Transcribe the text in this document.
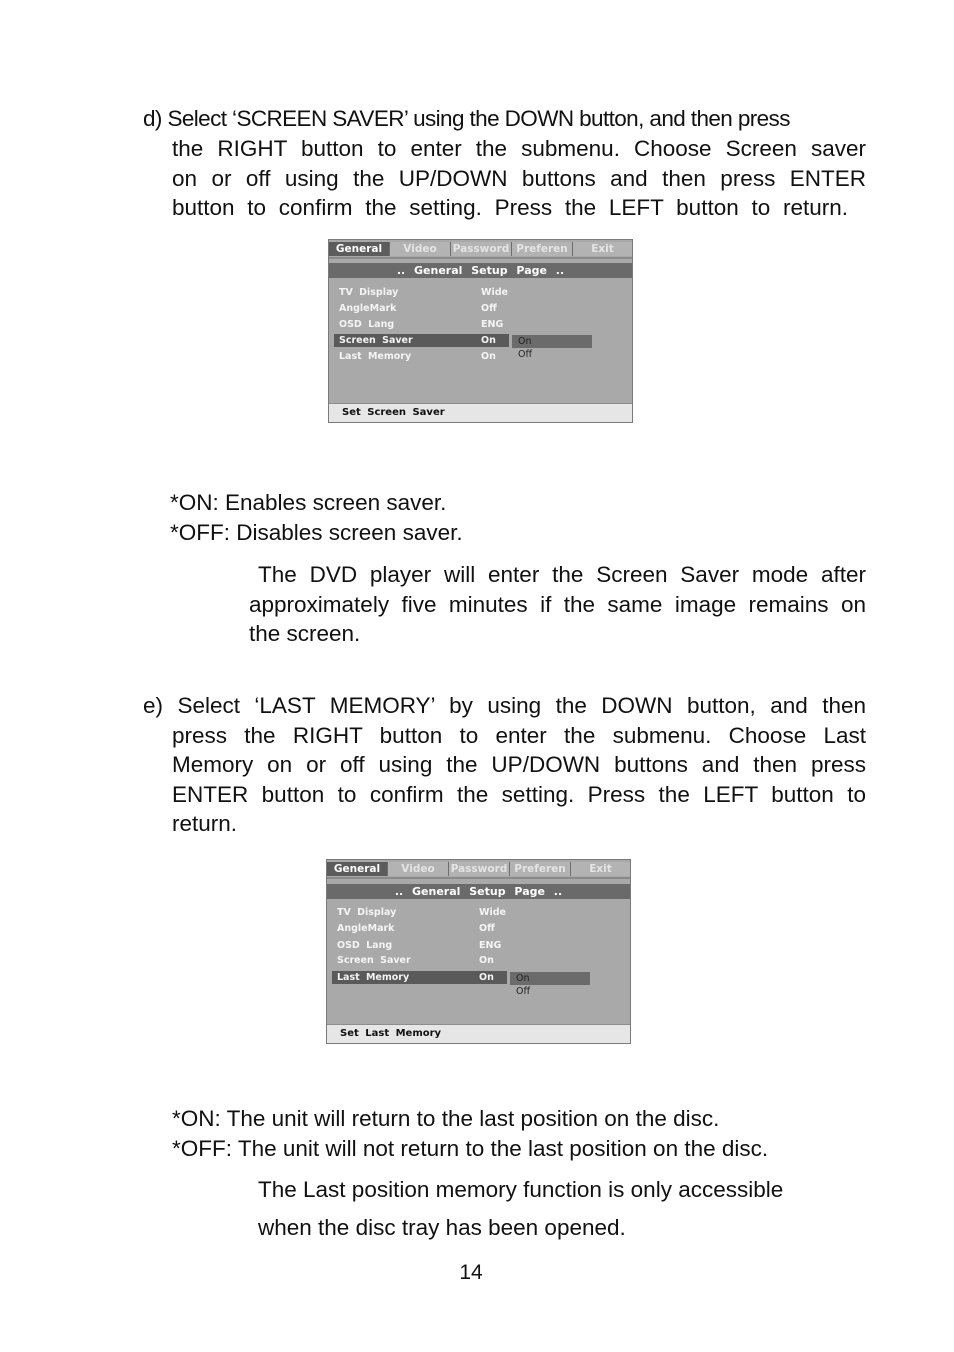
d) Select ‘SCREEN SAVER’ using the DOWN button, and then press
the RIGHT button to enter the submenu. Choose Screen saver
on or off using the UP/DOWN buttons and then press ENTER
button to confirm the setting. Press the LEFT button to return.
General	Video	Password Preferen	Exit
.. General Setup Page ..
TV Display	Wide
AngleMark	Off
OSD Lang	ENG
Screen Saver	On
Last Memory	On
On
Off
Set Screen Saver
*ON: Enables screen saver.
*OFF: Disables screen saver.
The DVD player will enter the Screen Saver mode after
approximately five minutes if the same image remains on
the screen.
e) Select ‘LAST MEMORY’ by using the DOWN button, and then
press the RIGHT button to enter the submenu. Choose Last
Memory on or off using the UP/DOWN buttons and then press
ENTER button to confirm the setting. Press the LEFT button to
return.
General	Video	Password Preferen	Exit
.. General Setup Page ..
TV Display	Wide
AngleMark	Off
OSD Lang	ENG
Screen Saver	On
Last Memory	On On
Off
Set Last Memory
*ON: The unit will return to the last position on the disc.
*OFF: The unit will not return to the last position on the disc.
The Last position memory function is only accessible
when the disc tray has been opened.
14
